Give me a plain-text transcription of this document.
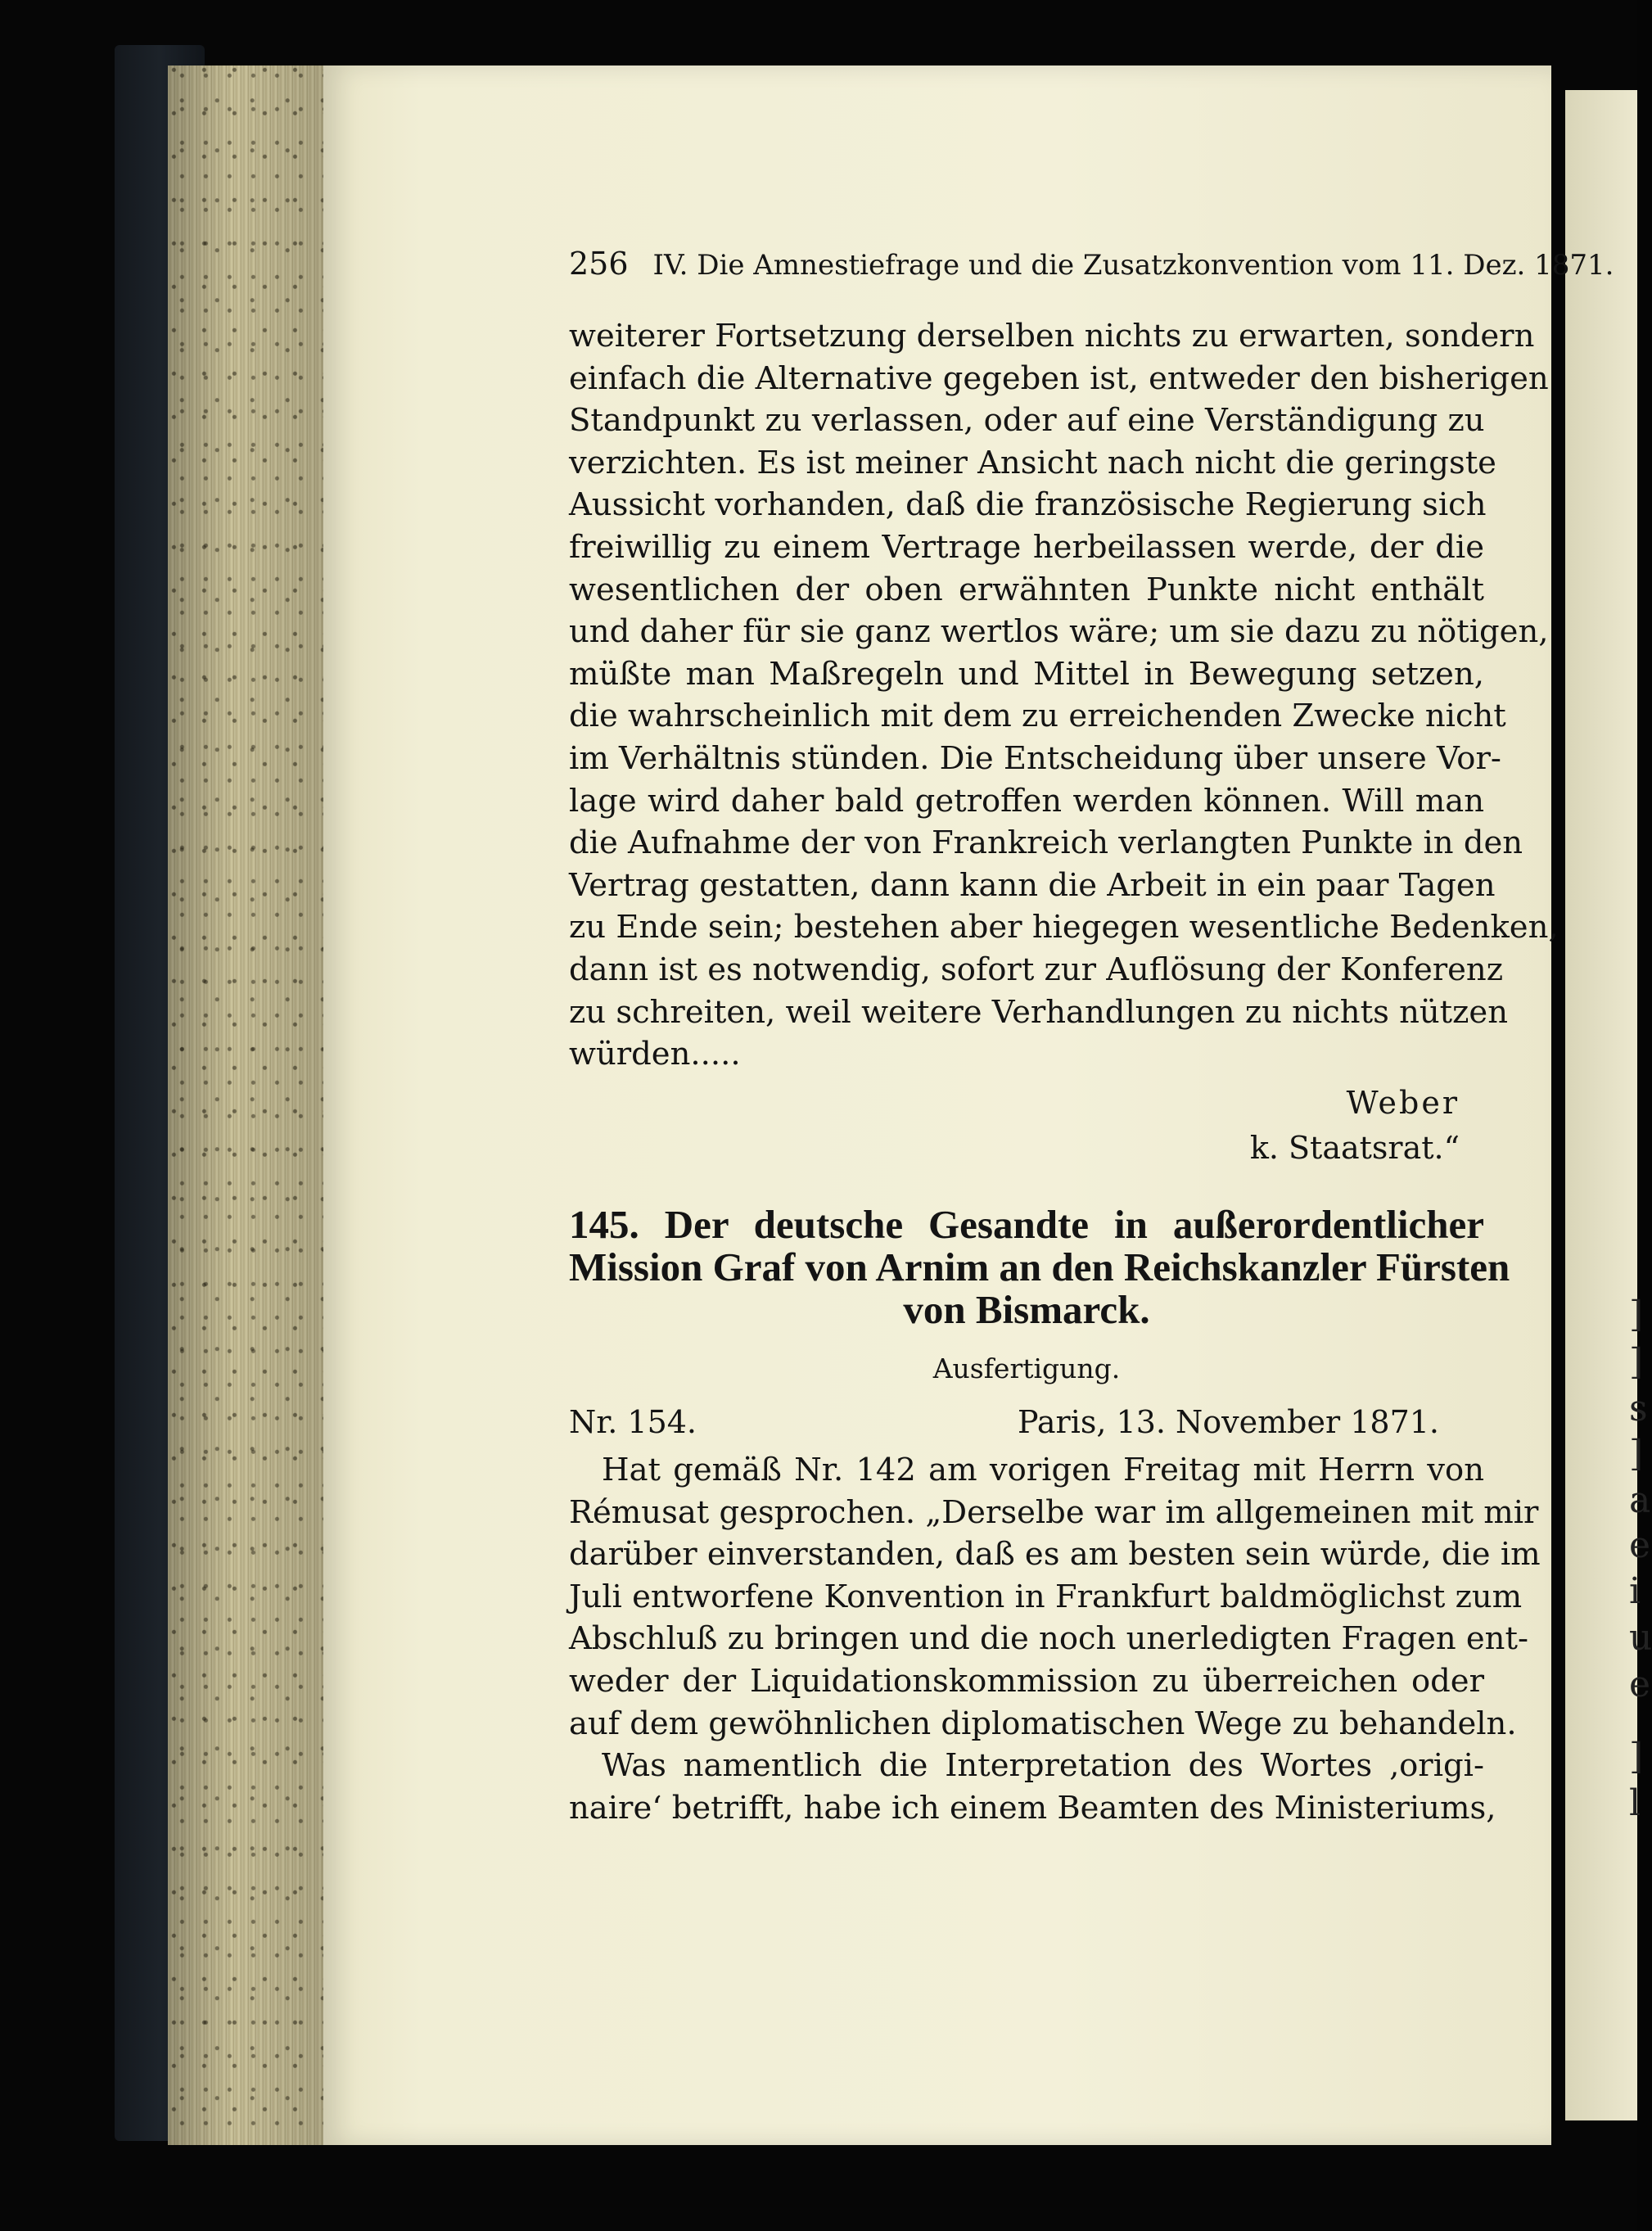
]
]
s
]
a
e
i
u
e
]
l
256 IV. Die Amnestiefrage und die Zusatzkonvention vom 11. Dez. 1871.
weiterer Fortsetzung derselben nichts zu erwarten, sondern
einfach die Alternative gegeben ist, entweder den bisherigen
Standpunkt zu verlassen, oder auf eine Verständigung zu
verzichten. Es ist meiner Ansicht nach nicht die geringste
Aussicht vorhanden, daß die französische Regierung sich
freiwillig zu einem Vertrage herbeilassen werde, der die
wesentlichen der oben erwähnten Punkte nicht enthält
und daher für sie ganz wertlos wäre; um sie dazu zu nötigen,
müßte man Maßregeln und Mittel in Bewegung setzen,
die wahrscheinlich mit dem zu erreichenden Zwecke nicht
im Verhältnis stünden. Die Entscheidung über unsere Vor-
lage wird daher bald getroffen werden können. Will man
die Aufnahme der von Frankreich verlangten Punkte in den
Vertrag gestatten, dann kann die Arbeit in ein paar Tagen
zu Ende sein; bestehen aber hiegegen wesentliche Bedenken,
dann ist es notwendig, sofort zur Auflösung der Konferenz
zu schreiten, weil weitere Verhandlungen zu nichts nützen
würden.....
Weber
k. Staatsrat.“
145. Der deutsche Gesandte in außerordentlicher
Mission Graf von Arnim an den Reichskanzler Fürsten
von Bismarck.
Ausfertigung.
Nr. 154.	Paris, 13. November 1871.
Hat gemäß Nr. 142 am vorigen Freitag mit Herrn von
Rémusat gesprochen. „Derselbe war im allgemeinen mit mir
darüber einverstanden, daß es am besten sein würde, die im
Juli entworfene Konvention in Frankfurt baldmöglichst zum
Abschluß zu bringen und die noch unerledigten Fragen ent-
weder der Liquidationskommission zu überreichen oder
auf dem gewöhnlichen diplomatischen Wege zu behandeln.
Was namentlich die Interpretation des Wortes ‚origi-
naire‘ betrifft, habe ich einem Beamten des Ministeriums,
